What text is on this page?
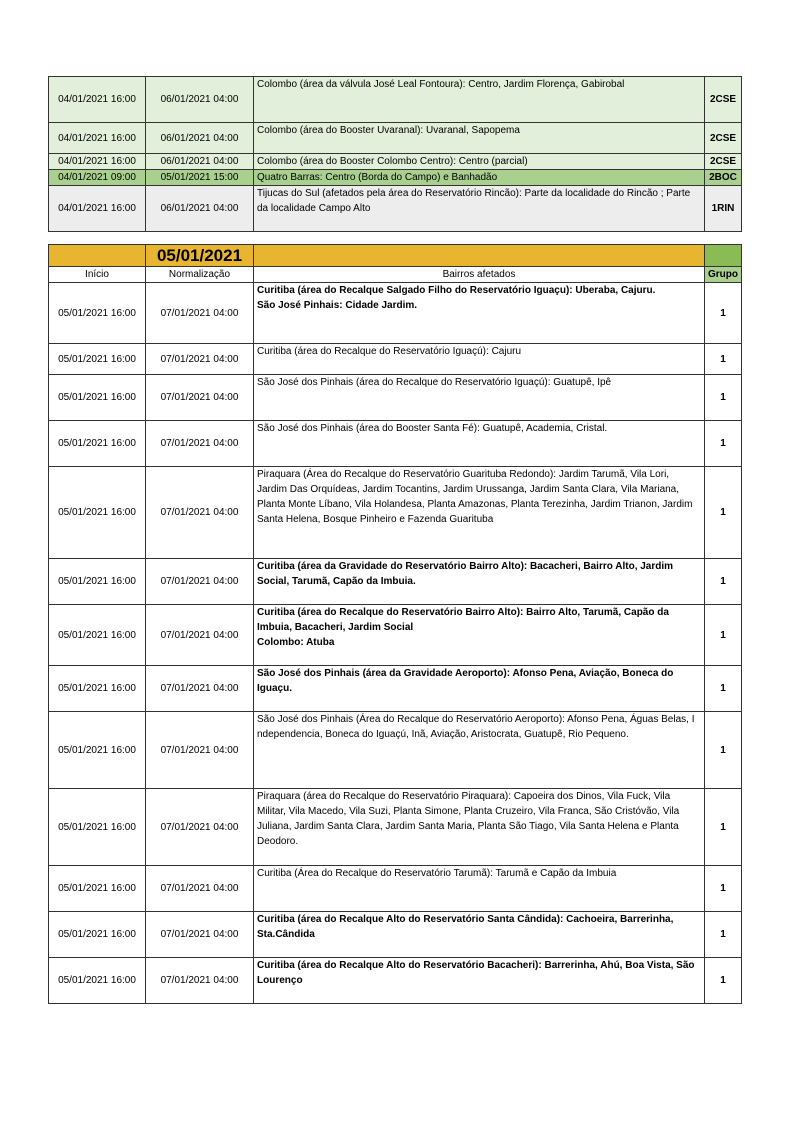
04/01/2021 16:00	06/01/2021 04:00	Colombo (área da válvula José Leal Fontoura): Centro, Jardim Florença, Gabirobal	2CSE
04/01/2021 16:00	06/01/2021 04:00	Colombo (área do Booster Uvaranal): Uvaranal, Sapopema	2CSE
04/01/2021 16:00	06/01/2021 04:00	Colombo (área do Booster Colombo Centro): Centro (parcial)	2CSE
04/01/2021 09:00	05/01/2021 15:00	Quatro Barras: Centro (Borda do Campo) e Banhadão	2BOC
04/01/2021 16:00	06/01/2021 04:00	Tijucas do Sul (afetados pela área do Reservatório Rincão): Parte da localidade do Rincão ; Parte da localidade Campo Alto	1RIN
	05/01/2021		
Início	Normalização	Bairros afetados	Grupo
05/01/2021 16:00	07/01/2021 04:00	Curitiba (área do Recalque Salgado Filho do Reservatório Iguaçu): Uberaba, Cajuru.
São José Pinhais: Cidade Jardim.	1
05/01/2021 16:00	07/01/2021 04:00	Curitiba (área do Recalque do Reservatório Iguaçú): Cajuru	1
05/01/2021 16:00	07/01/2021 04:00	São José dos Pinhais (área do Recalque do Reservatório Iguaçú): Guatupê, Ipê	1
05/01/2021 16:00	07/01/2021 04:00	São José dos Pinhais (área do Booster Santa Fé): Guatupê, Academia, Cristal.	1
05/01/2021 16:00	07/01/2021 04:00	Piraquara (Área do Recalque do Reservatório Guarituba Redondo): Jardim Tarumã, Vila Lori, Jardim Das Orquídeas, Jardim Tocantins, Jardim Urussanga, Jardim Santa Clara, Vila Mariana, Planta Monte Líbano, Vila Holandesa, Planta Amazonas, Planta Terezinha, Jardim Trianon, Jardim Santa Helena, Bosque Pinheiro e Fazenda Guarituba	1
05/01/2021 16:00	07/01/2021 04:00	Curitiba (área da Gravidade do Reservatório Bairro Alto): Bacacheri, Bairro Alto, Jardim Social, Tarumã, Capão da Imbuia.	1
05/01/2021 16:00	07/01/2021 04:00	Curitiba (área do Recalque do Reservatório Bairro Alto): Bairro Alto, Tarumã, Capão da Imbuia, Bacacheri, Jardim Social
Colombo: Atuba	1
05/01/2021 16:00	07/01/2021 04:00	São José dos Pinhais (área da Gravidade Aeroporto): Afonso Pena, Aviação, Boneca do Iguaçu.	1
05/01/2021 16:00	07/01/2021 04:00	São José dos Pinhais (Área do Recalque do Reservatório Aeroporto): Afonso Pena, Águas Belas, I
ndependencia, Boneca do Iguaçú, Inã, Aviação, Aristocrata, Guatupê, Rio Pequeno.	1
05/01/2021 16:00	07/01/2021 04:00	Piraquara (área do Recalque do Reservatório Piraquara): Capoeira dos Dinos, Vila Fuck, Vila Militar, Vila Macedo, Vila Suzi, Planta Simone, Planta Cruzeiro, Vila Franca, São Cristóvão, Vila Juliana, Jardim Santa Clara, Jardim Santa Maria, Planta São Tiago, Vila Santa Helena e Planta Deodoro.	1
05/01/2021 16:00	07/01/2021 04:00	Curitiba (Área do Recalque do Reservatório Tarumã): Tarumã e Capão da Imbuia	1
05/01/2021 16:00	07/01/2021 04:00	Curitiba (área do Recalque Alto do Reservatório Santa Cândida): Cachoeira, Barrerinha, Sta.Cândida	1
05/01/2021 16:00	07/01/2021 04:00	Curitiba (área do Recalque Alto do Reservatório Bacacheri): Barrerinha, Ahú, Boa Vista, São Lourenço	1
